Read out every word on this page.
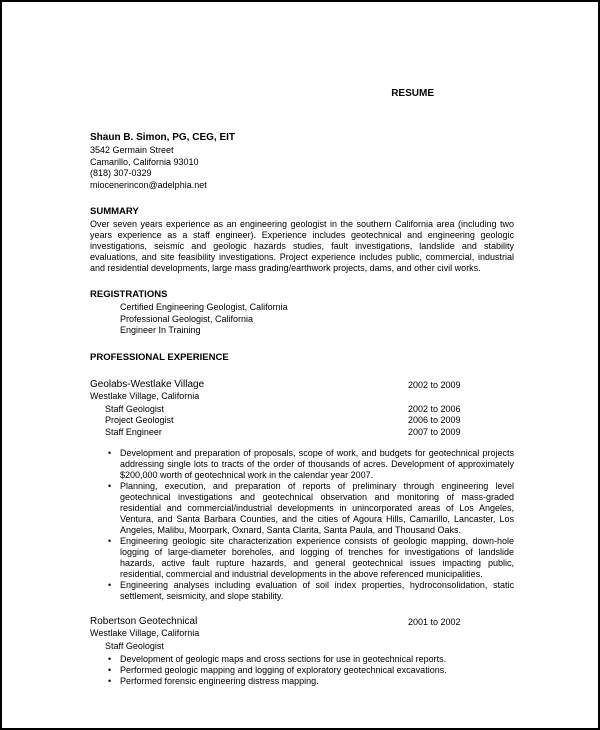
RESUME
Shaun B. Simon, PG, CEG, EIT
3542 Germain Street
Camarillo, California 93010
(818) 307-0329
miocenerincon@adelphia.net
SUMMARY
Over seven years experience as an engineering geologist in the southern California area (including two years experience as a staff engineer). Experience includes geotechnical and engineering geologic investigations, seismic and geologic hazards studies, fault investigations, landslide and stability evaluations, and site feasibility investigations. Project experience includes public, commercial, industrial and residential developments, large mass grading/earthwork projects, dams, and other civil works.
REGISTRATIONS
Certified Engineering Geologist, California
Professional Geologist, California
Engineer In Training
PROFESSIONAL EXPERIENCE
Geolabs-Westlake Village	2002 to 2009
Westlake Village, California
Staff Geologist	2002 to 2006
Project Geologist	2006 to 2009
Staff Engineer	2007 to 2009
• Development and preparation of proposals, scope of work, and budgets for geotechnical projects addressing single lots to tracts of the order of thousands of acres. Development of approximately $200,000 worth of geotechnical work in the calendar year 2007.
• Planning, execution, and preparation of reports of preliminary through engineering level geotechnical investigations and geotechnical observation and monitoring of mass-graded residential and commercial/industrial developments in unincorporated areas of Los Angeles, Ventura, and Santa Barbara Counties, and the cities of Agoura Hills, Camarillo, Lancaster, Los Angeles, Malibu, Moorpark, Oxnard, Santa Clarita, Santa Paula, and Thousand Oaks.
• Engineering geologic site characterization experience consists of geologic mapping, down-hole logging of large-diameter boreholes, and logging of trenches for investigations of landslide hazards, active fault rupture hazards, and general geotechnical issues impacting public, residential, commercial and industrial developments in the above referenced municipalities.
• Engineering analyses including evaluation of soil index properties, hydroconsolidation, static settlement, seismicity, and slope stability.
Robertson Geotechnical	2001 to 2002
Westlake Village, California
Staff Geologist
• Development of geologic maps and cross sections for use in geotechnical reports.
• Performed geologic mapping and logging of exploratory geotechnical excavations.
• Performed forensic engineering distress mapping.
